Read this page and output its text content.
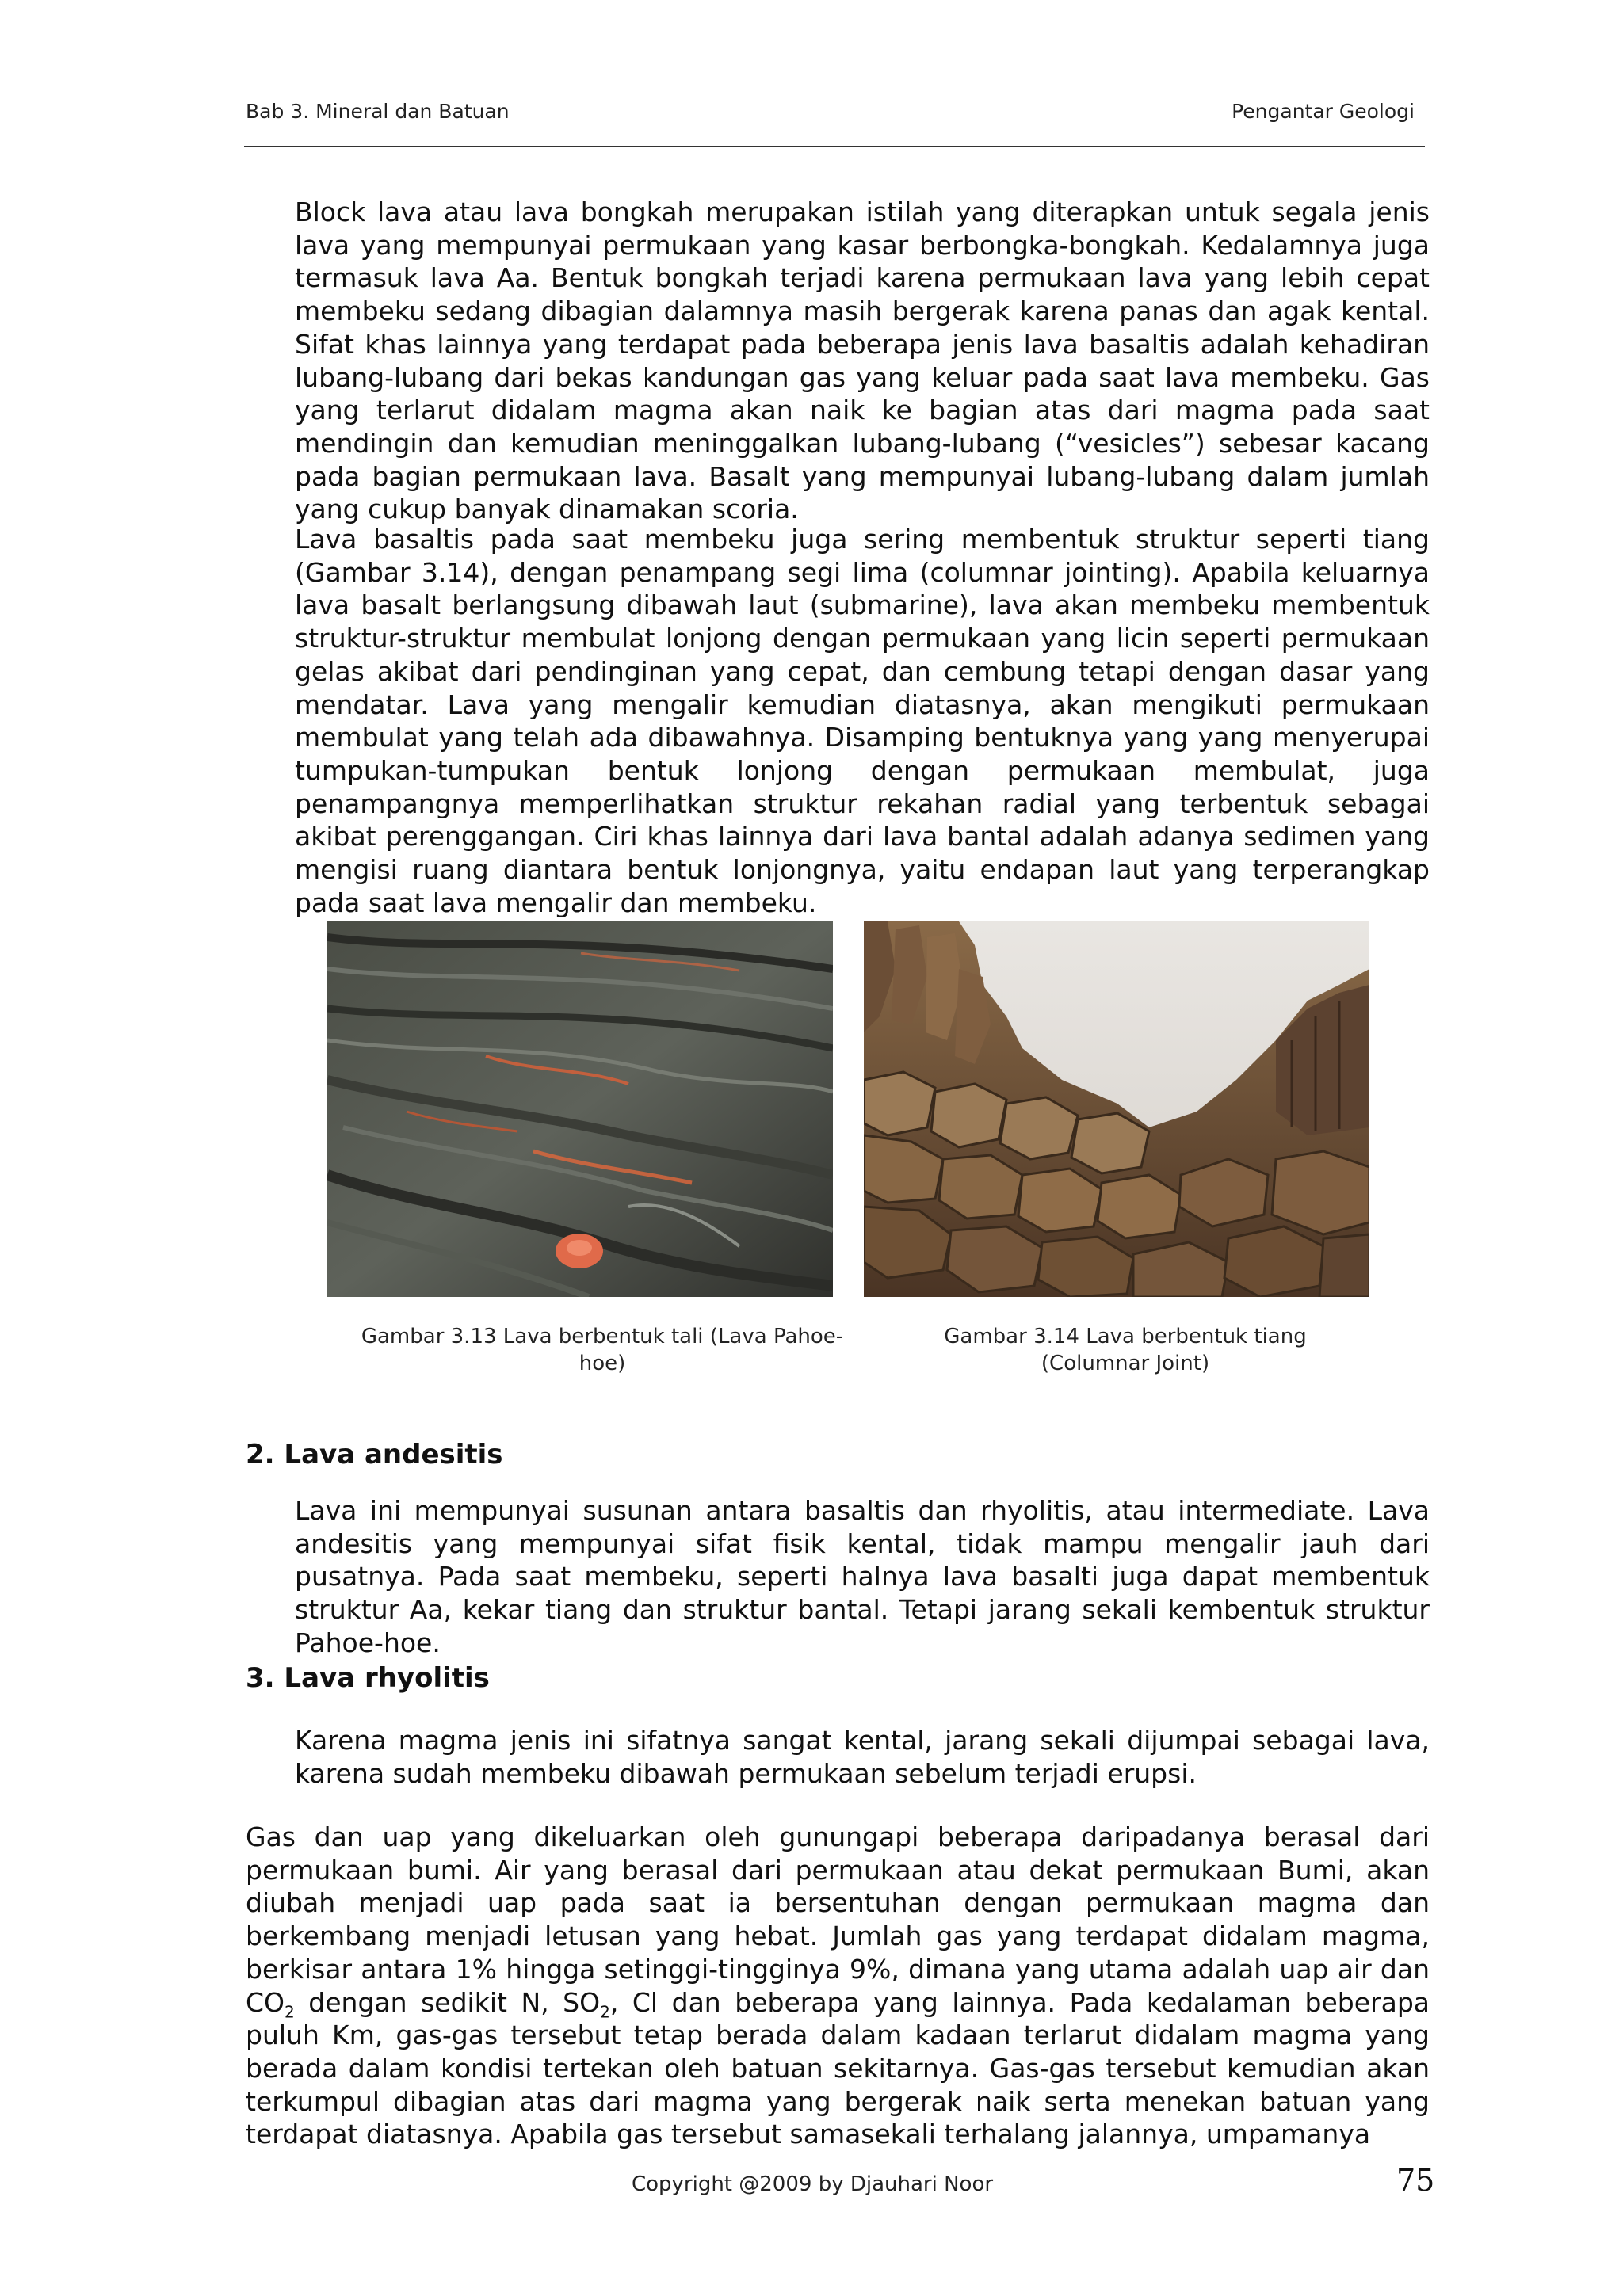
Bab 3. Mineral dan Batuan	Pengantar Geologi

Block lava atau lava bongkah merupakan istilah yang diterapkan untuk segala jenis lava yang mempunyai permukaan yang kasar berbongka-bongkah. Kedalamnya juga termasuk lava Aa. Bentuk bongkah terjadi karena permukaan lava yang lebih cepat membeku sedang dibagian dalamnya masih bergerak karena panas dan agak kental. Sifat khas lainnya yang terdapat pada beberapa jenis lava basaltis adalah kehadiran lubang-lubang dari bekas kandungan gas yang keluar pada saat lava membeku. Gas yang terlarut didalam magma akan naik ke bagian atas dari magma pada saat mendingin dan kemudian meninggalkan lubang-lubang (“vesicles”) sebesar kacang pada bagian permukaan lava. Basalt yang mempunyai lubang-lubang dalam jumlah yang cukup banyak dinamakan scoria.

Lava basaltis pada saat membeku juga sering membentuk struktur seperti tiang (Gambar 3.14), dengan penampang segi lima (columnar jointing). Apabila keluarnya lava basalt berlangsung dibawah laut (submarine), lava akan membeku membentuk struktur-struktur membulat lonjong dengan permukaan yang licin seperti permukaan gelas akibat dari pendinginan yang cepat, dan cembung tetapi dengan dasar yang mendatar. Lava yang mengalir kemudian diatasnya, akan mengikuti permukaan membulat yang telah ada dibawahnya. Disamping bentuknya yang yang menyerupai tumpukan-tumpukan bentuk lonjong dengan permukaan membulat, juga penampangnya memperlihatkan struktur rekahan radial yang terbentuk sebagai akibat perenggangan. Ciri khas lainnya dari lava bantal adalah adanya sedimen yang mengisi ruang diantara bentuk lonjongnya, yaitu endapan laut yang terperangkap pada saat lava mengalir dan membeku.

Gambar 3.13 Lava berbentuk tali (Lava Pahoe-hoe)
Gambar 3.14 Lava berbentuk tiang (Columnar Joint)
2. Lava andesitis

Lava ini mempunyai susunan antara basaltis dan rhyolitis, atau intermediate. Lava andesitis yang mempunyai sifat fisik kental, tidak mampu mengalir jauh dari pusatnya. Pada saat membeku, seperti halnya lava basalti juga dapat membentuk struktur Aa, kekar tiang dan struktur bantal. Tetapi jarang sekali kembentuk struktur Pahoe-hoe.

3. Lava rhyolitis

Karena magma jenis ini sifatnya sangat kental, jarang sekali dijumpai sebagai lava, karena sudah membeku dibawah permukaan sebelum terjadi erupsi.

Gas dan uap yang dikeluarkan oleh gunungapi beberapa daripadanya berasal dari permukaan bumi. Air yang berasal dari permukaan atau dekat permukaan Bumi, akan diubah menjadi uap pada saat ia bersentuhan dengan permukaan magma dan berkembang menjadi letusan yang hebat. Jumlah gas yang terdapat didalam magma, berkisar antara 1% hingga setinggi-tingginya 9%, dimana yang utama adalah uap air dan $CO_2$ dengan sedikit N, $SO_2$, Cl dan beberapa yang lainnya. Pada kedalaman beberapa puluh Km, gas-gas tersebut tetap berada dalam kadaan terlarut didalam magma yang berada dalam kondisi tertekan oleh batuan sekitarnya. Gas-gas tersebut kemudian akan terkumpul dibagian atas dari magma yang bergerak naik serta menekan batuan yang terdapat diatasnya. Apabila gas tersebut samasekali terhalang jalannya, umpamanya

Copyright @2009 by Djauhari Noor	75
